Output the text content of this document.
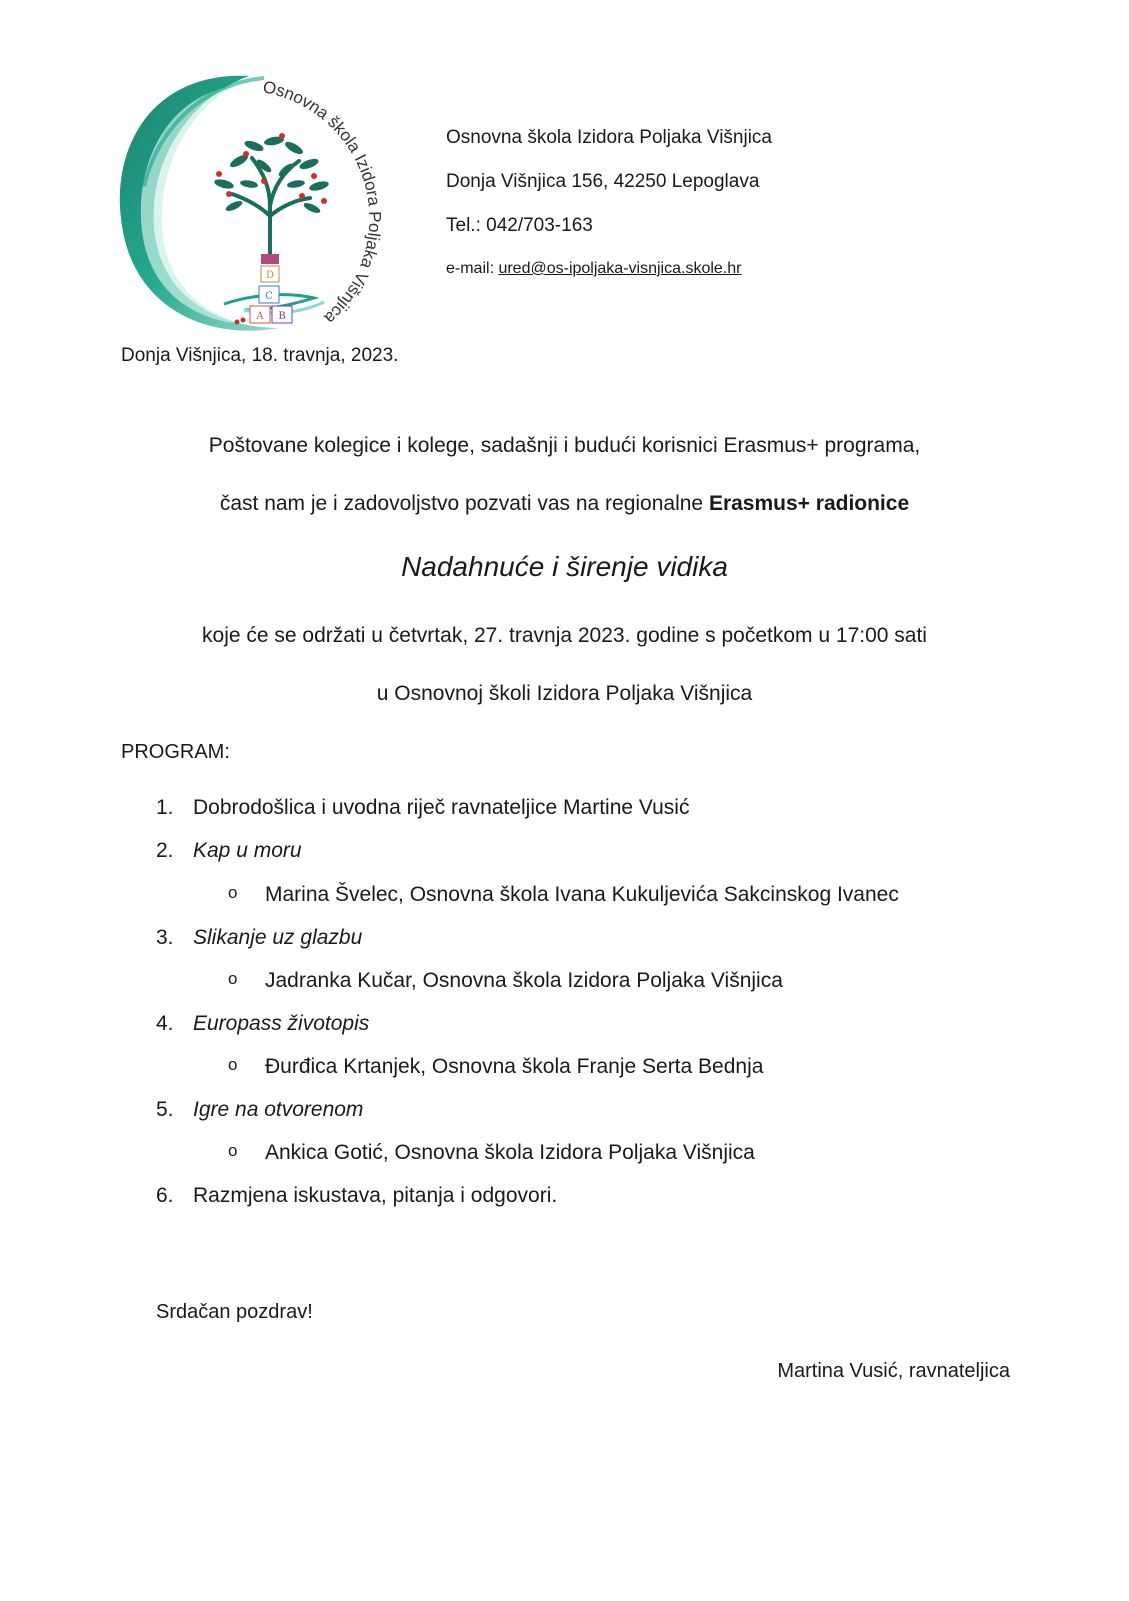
D
C
A B
Osnovna škola Izidora Poljaka Višnjica
Osnovna škola Izidora Poljaka Višnjica
Donja Višnjica 156, 42250 Lepoglava
Tel.: 042/703-163
e-mail: ured@os-ipoljaka-visnjica.skole.hr
Donja Višnjica, 18. travnja, 2023.
Poštovane kolegice i kolege, sadašnji i budući korisnici Erasmus+ programa,
čast nam je i zadovoljstvo pozvati vas na regionalne Erasmus+ radionice
Nadahnuće i širenje vidika
koje će se održati u četvrtak, 27. travnja 2023. godine s početkom u 17:00 sati
u Osnovnoj školi Izidora Poljaka Višnjica
PROGRAM:
1. Dobrodošlica i uvodna riječ ravnateljice Martine Vusić
2. Kap u moru
o Marina Švelec, Osnovna škola Ivana Kukuljevića Sakcinskog Ivanec
3. Slikanje uz glazbu
o Jadranka Kučar, Osnovna škola Izidora Poljaka Višnjica
4. Europass životopis
o Đurđica Krtanjek, Osnovna škola Franje Serta Bednja
5. Igre na otvorenom
o Ankica Gotić, Osnovna škola Izidora Poljaka Višnjica
6. Razmjena iskustava, pitanja i odgovori.
Srdačan pozdrav!
Martina Vusić, ravnateljica
